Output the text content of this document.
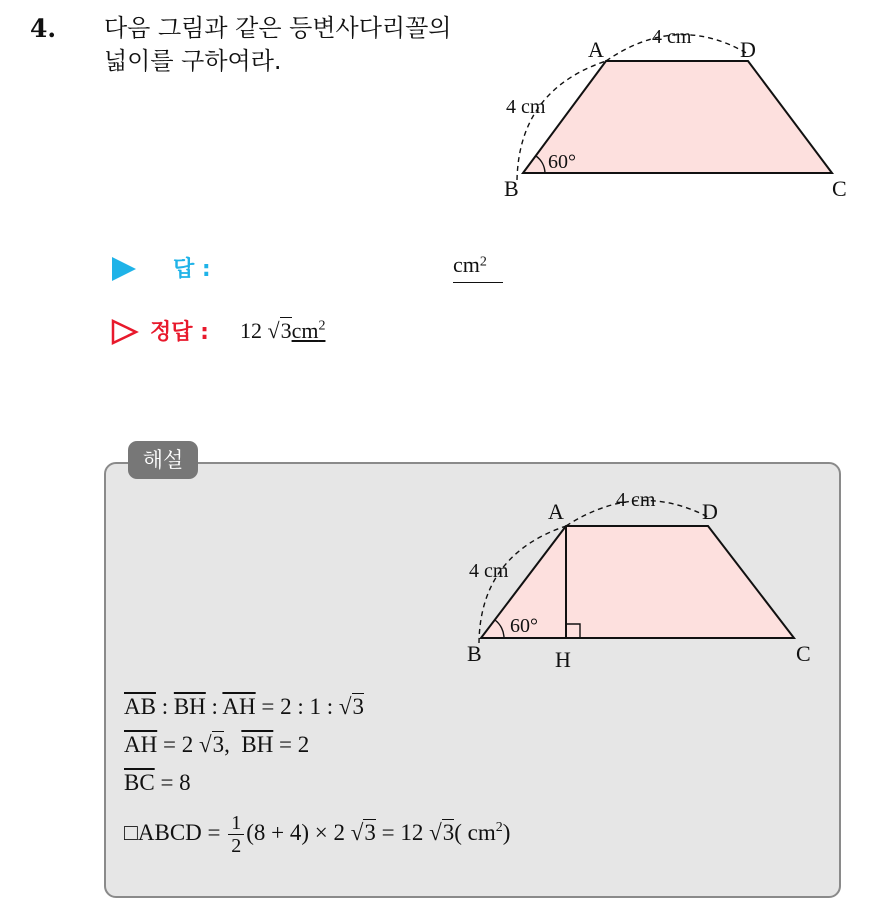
4. 다음 그림과 같은 등변사다리꼴의
넓이를 구하여라.	A	D
B	C
4 cm
4 cm
60°
답 :	cm2
정답 : 12 $√3cm^2$
해설
A	D
B	C
H
4 cm
4 cm
60°
$\overline{AB}$ : $\overline{BH}$ : $\overline{AH} = 2$ : 1 : √3
$\overline{AH} = 2$ √3,  $\overline{BH} = 2$
$\overline{BC} = 8$
□ABCD = $\frac{1}{2} (8 + 4) \times 2$ √3 = 12 √3( $cm^2$)
